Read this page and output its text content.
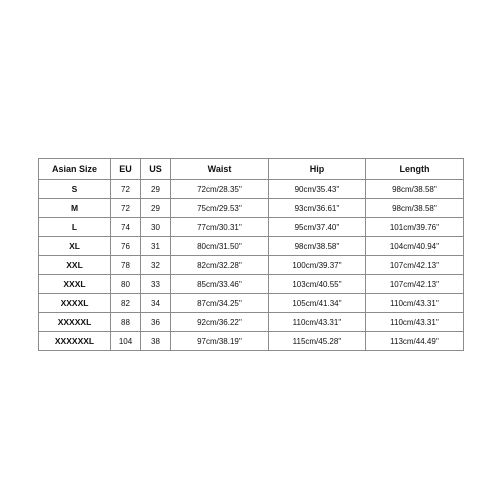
Asian Size	EU	US	Waist	Hip	Length
S	72	29	72cm/28.35''	90cm/35.43''	98cm/38.58''
M	72	29	75cm/29.53''	93cm/36.61''	98cm/38.58''
L	74	30	77cm/30.31''	95cm/37.40''	101cm/39.76''
XL	76	31	80cm/31.50''	98cm/38.58''	104cm/40.94''
XXL	78	32	82cm/32.28''	100cm/39.37''	107cm/42.13''
XXXL	80	33	85cm/33.46''	103cm/40.55''	107cm/42.13''
XXXXL	82	34	87cm/34.25''	105cm/41.34''	110cm/43.31''
XXXXXL	88	36	92cm/36.22''	110cm/43.31''	110cm/43.31''
XXXXXXL	104	38	97cm/38.19''	115cm/45.28''	113cm/44.49''
